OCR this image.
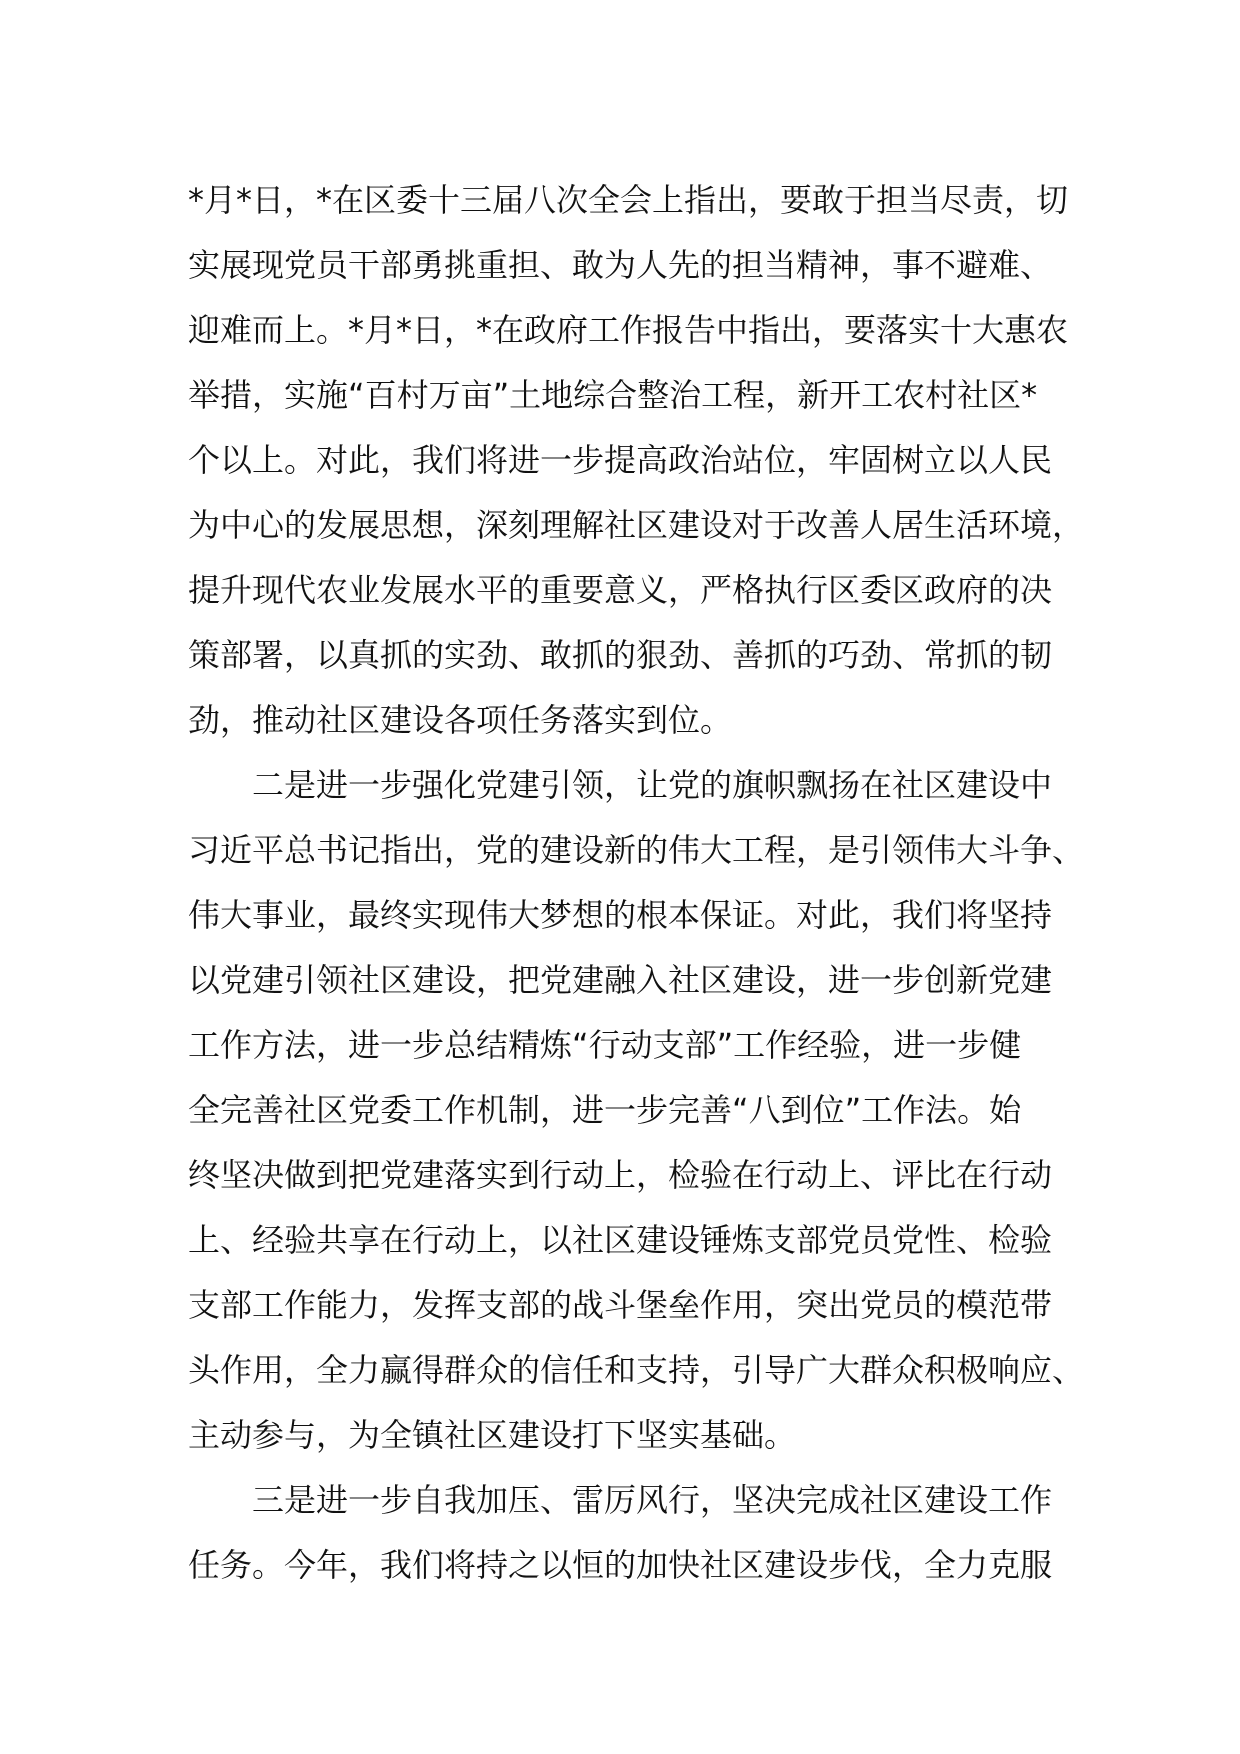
*月*日，*在区委十三届八次全会上指出，要敢于担当尽责，切
实展现党员干部勇挑重担、敢为人先的担当精神，事不避难、
迎难而上。*月*日，*在政府工作报告中指出，要落实十大惠农
举措，实施“百村万亩”土地综合整治工程，新开工农村社区*
个以上。对此，我们将进一步提高政治站位，牢固树立以人民
为中心的发展思想，深刻理解社区建设对于改善人居生活环境，
提升现代农业发展水平的重要意义，严格执行区委区政府的决
策部署，以真抓的实劲、敢抓的狠劲、善抓的巧劲、常抓的韧
劲，推动社区建设各项任务落实到位。
二是进一步强化党建引领，让党的旗帜飘扬在社区建设中
习近平总书记指出，党的建设新的伟大工程，是引领伟大斗争、
伟大事业，最终实现伟大梦想的根本保证。对此，我们将坚持
以党建引领社区建设，把党建融入社区建设，进一步创新党建
工作方法，进一步总结精炼“行动支部”工作经验，进一步健
全完善社区党委工作机制，进一步完善“八到位”工作法。始
终坚决做到把党建落实到行动上，检验在行动上、评比在行动
上、经验共享在行动上，以社区建设锤炼支部党员党性、检验
支部工作能力，发挥支部的战斗堡垒作用，突出党员的模范带
头作用，全力赢得群众的信任和支持，引导广大群众积极响应、
主动参与，为全镇社区建设打下坚实基础。
三是进一步自我加压、雷厉风行，坚决完成社区建设工作
任务。今年，我们将持之以恒的加快社区建设步伐，全力克服
